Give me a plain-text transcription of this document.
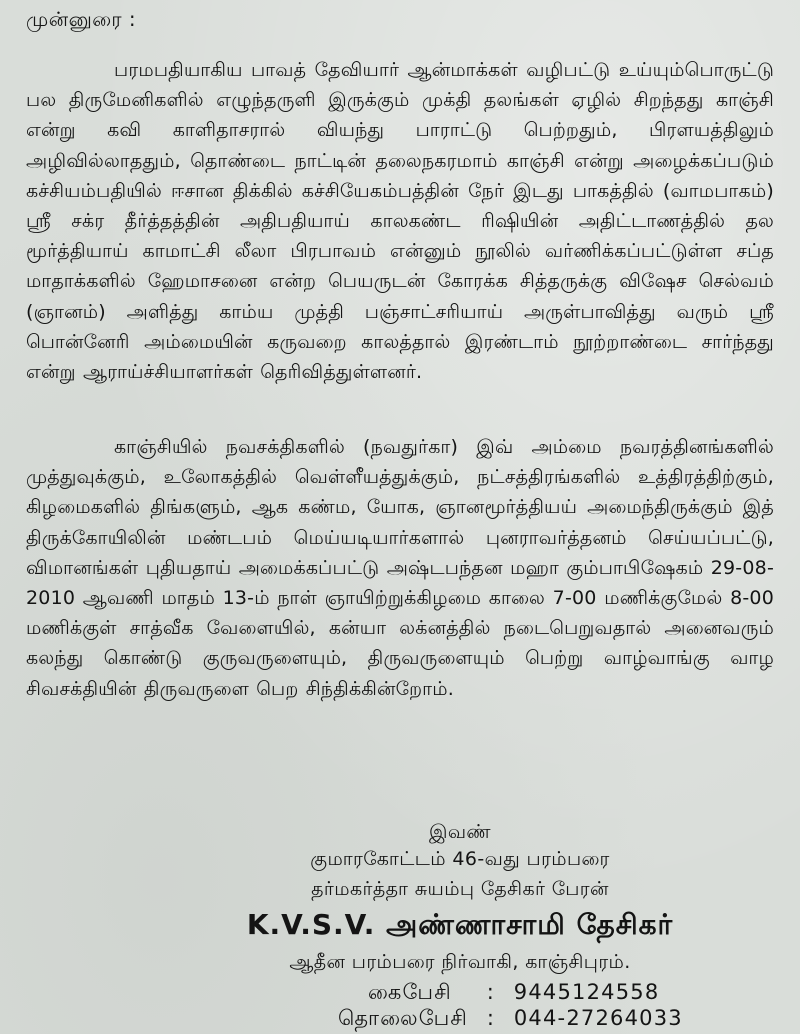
முன்னுரை :

பரமபதியாகிய பாவத் தேவியார் ஆன்மாக்கள் வழிபட்டு உய்யும்பொருட்டு பல திருமேனிகளில் எழுந்தருளி இருக்கும் முக்தி தலங்கள் ஏழில் சிறந்தது காஞ்சி என்று கவி காளிதாசரால் வியந்து பாராட்டு பெற்றதும், பிரளயத்திலும் அழிவில்லாததும், தொண்டை நாட்டின் தலைநகரமாம் காஞ்சி என்று அழைக்கப்படும் கச்சியம்பதியில் ஈசான திக்கில் கச்சியேகம்பத்தின் நேர் இடது பாகத்தில் (வாமபாகம்) ஸ்ரீ சக்ர தீர்த்தத்தின் அதிபதியாய் காலகண்ட ரிஷியின் அதிட்டாணத்தில் தல மூர்த்தியாய் காமாட்சி லீலா பிரபாவம் என்னும் நூலில் வர்ணிக்கப்பட்டுள்ள சப்த மாதாக்களில் ஹேமாசனை என்ற பெயருடன் கோரக்க சித்தருக்கு விஷேச செல்வம் (ஞானம்) அளித்து காம்ய முத்தி பஞ்சாட்சரியாய் அருள்பாவித்து வரும் ஸ்ரீ பொன்னேரி அம்மையின் கருவறை காலத்தால் இரண்டாம் நூற்றாண்டை சார்ந்தது என்று ஆராய்ச்சியாளர்கள் தெரிவித்துள்ளனர்.

காஞ்சியில் நவசக்திகளில் (நவதுர்கா) இவ் அம்மை நவரத்தினங்களில் முத்துவுக்கும், உலோகத்தில் வெள்ளீயத்துக்கும், நட்சத்திரங்களில் உத்திரத்திற்கும், கிழமைகளில் திங்களும், ஆக கண்ம, யோக, ஞானமூர்த்தியய் அமைந்திருக்கும் இத் திருக்கோயிலின் மண்டபம் மெய்யடியார்களால் புனராவர்த்தனம் செய்யப்பட்டு, விமானங்கள் புதியதாய் அமைக்கப்பட்டு அஷ்டபந்தன மஹா கும்பாபிஷேகம் 29-08-2010 ஆவணி மாதம் 13-ம் நாள் ஞாயிற்றுக்கிழமை காலை 7-00 மணிக்குமேல் 8-00 மணிக்குள் சாத்வீக வேளையில், கன்யா லக்னத்தில் நடைபெறுவதால் அனைவரும் கலந்து கொண்டு குருவருளையும், திருவருளையும் பெற்று வாழ்வாங்கு வாழ சிவசக்தியின் திருவருளை பெற சிந்திக்கின்றோம்.

இவண்
குமாரகோட்டம் 46-வது பரம்பரை
தர்மகர்த்தா சுயம்பு தேசிகர் பேரன்
K.V.S.V. அண்ணாசாமி தேசிகர்
ஆதீன பரம்பரை நிர்வாகி, காஞ்சிபுரம்.
கைபேசி : 9445124558
தொலைபேசி : 044-27264033
